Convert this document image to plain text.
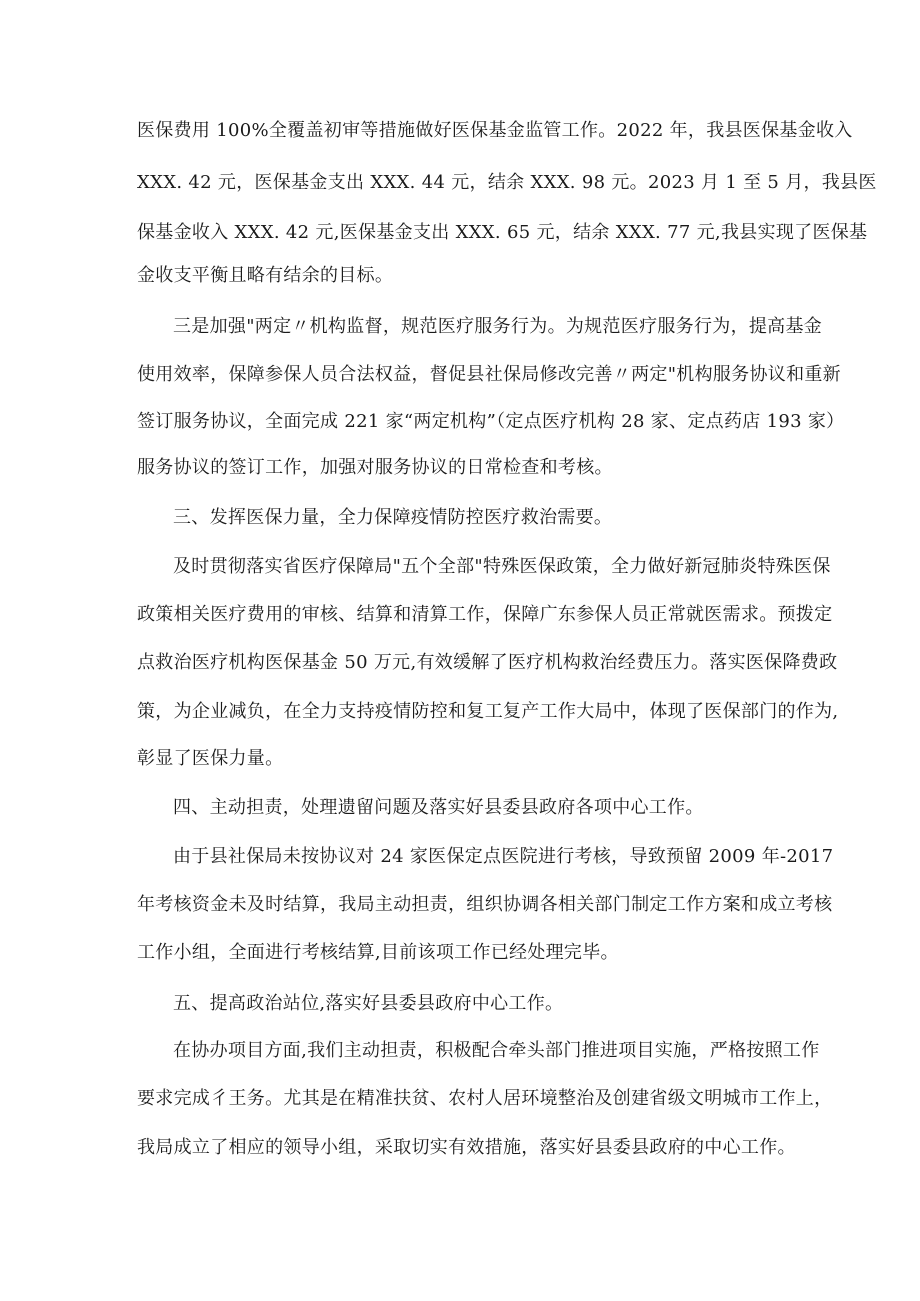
医保费用 100%全覆盖初审等措施做好医保基金监管工作。2022 年，我县医保基金收入
XXX. 42 元，医保基金支出 XXX. 44 元，结余 XXX. 98 元。2023 月 1 至 5 月，我县医
保基金收入 XXX. 42 元,医保基金支出 XXX. 65 元，结余 XXX. 77 元,我县实现了医保基
金收支平衡且略有结余的目标。
三是加强"两定〃机构监督，规范医疗服务行为。为规范医疗服务行为，提高基金
使用效率，保障参保人员合法权益，督促县社保局修改完善〃两定"机构服务协议和重新
签订服务协议，全面完成 221 家“两定机构”（定点医疗机构 28 家、定点药店 193 家）
服务协议的签订工作，加强对服务协议的日常检查和考核。
三、发挥医保力量，全力保障疫情防控医疗救治需要。
及时贯彻落实省医疗保障局"五个全部"特殊医保政策，全力做好新冠肺炎特殊医保
政策相关医疗费用的审核、结算和清算工作，保障广东参保人员正常就医需求。预拨定
点救治医疗机构医保基金 50 万元,有效缓解了医疗机构救治经费压力。落实医保降费政
策，为企业减负，在全力支持疫情防控和复工复产工作大局中，体现了医保部门的作为,
彰显了医保力量。
四、主动担责，处理遗留问题及落实好县委县政府各项中心工作。
由于县社保局未按协议对 24 家医保定点医院进行考核，导致预留 2009 年-2017
年考核资金未及时结算，我局主动担责，组织协调各相关部门制定工作方案和成立考核
工作小组，全面进行考核结算,目前该项工作已经处理完毕。
五、提高政治站位,落实好县委县政府中心工作。
在协办项目方面,我们主动担责，积极配合牵头部门推进项目实施，严格按照工作
要求完成彳王务。尤其是在精准扶贫、农村人居环境整治及创建省级文明城市工作上，
我局成立了相应的领导小组，采取切实有效措施，落实好县委县政府的中心工作。
